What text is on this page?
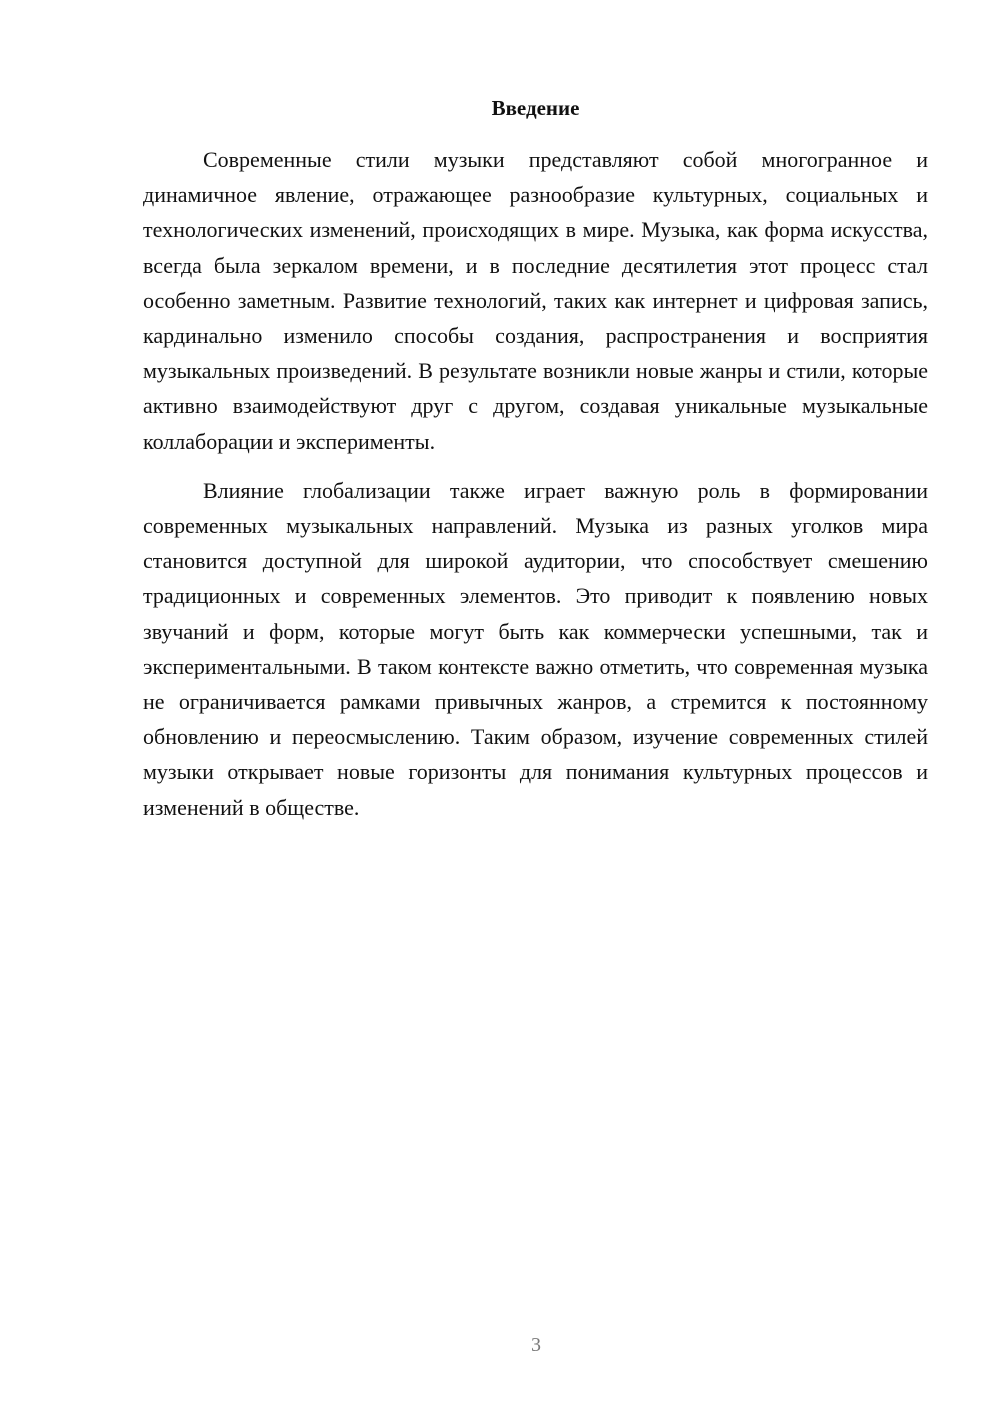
Введение

Современные стили музыки представляют собой многогранное и динамичное явление, отражающее разнообразие культурных, социальных и технологических изменений, происходящих в мире. Музыка, как форма искусства, всегда была зеркалом времени, и в последние десятилетия этот процесс стал особенно заметным. Развитие технологий, таких как интернет и цифровая запись, кардинально изменило способы создания, распространения и восприятия музыкальных произведений. В результате возникли новые жанры и стили, которые активно взаимодействуют друг с другом, создавая уникальные музыкальные коллаборации и эксперименты.

Влияние глобализации также играет важную роль в формировании современных музыкальных направлений. Музыка из разных уголков мира становится доступной для широкой аудитории, что способствует смешению традиционных и современных элементов. Это приводит к появлению новых звучаний и форм, которые могут быть как коммерчески успешными, так и экспериментальными. В таком контексте важно отметить, что современная музыка не ограничивается рамками привычных жанров, а стремится к постоянному обновлению и переосмыслению. Таким образом, изучение современных стилей музыки открывает новые горизонты для понимания культурных процессов и изменений в обществе.

3
